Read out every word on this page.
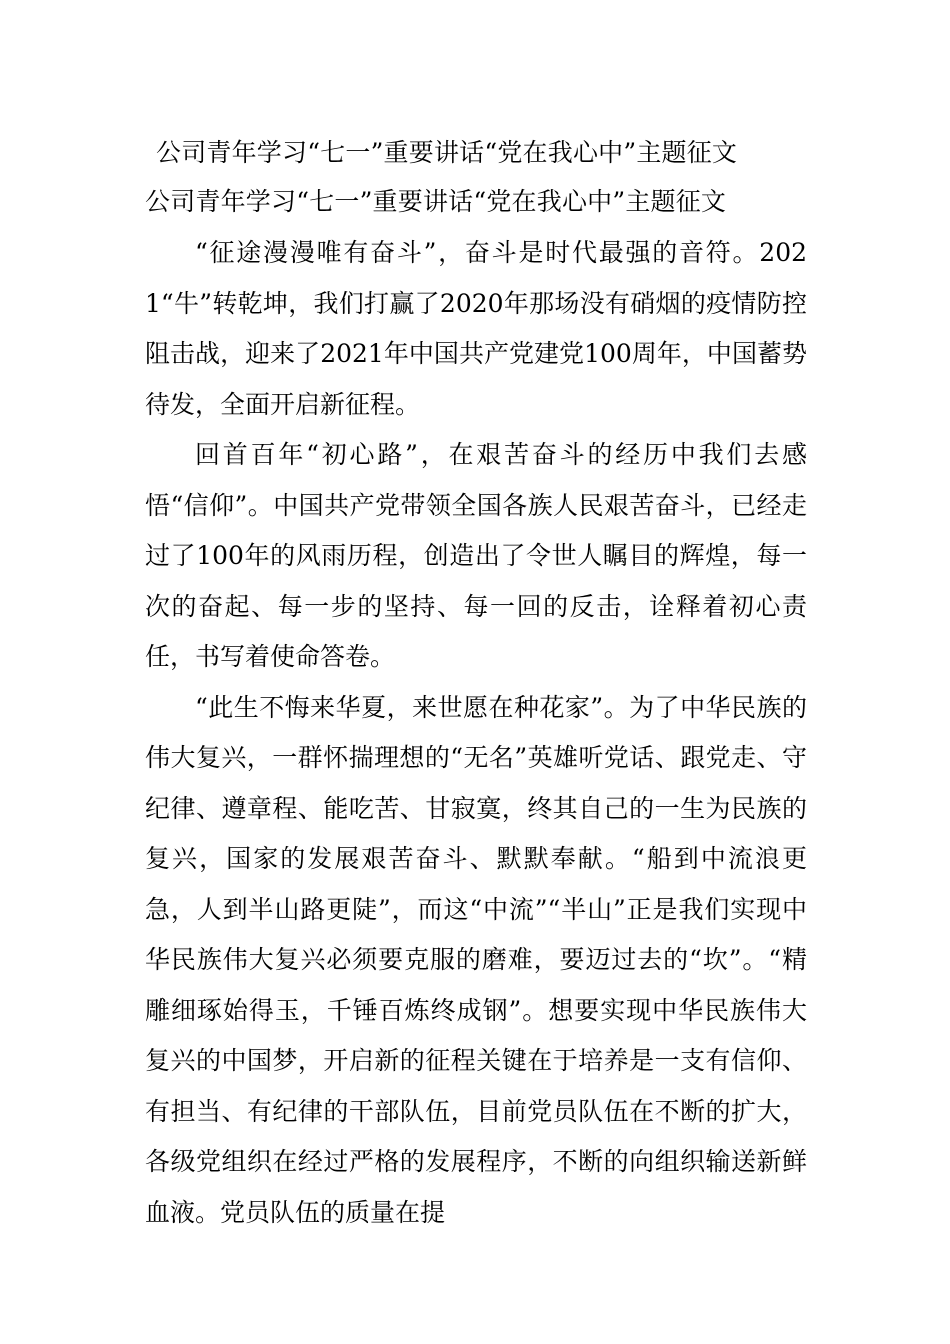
公司青年学习“七一”重要讲话“党在我心中”主题征文
公司青年学习“七一”重要讲话“党在我心中”主题征文

“征途漫漫唯有奋斗”，奋斗是时代最强的音符。2021“牛”转乾坤，我们打赢了2020年那场没有硝烟的疫情防控阻击战，迎来了2021年中国共产党建党100周年，中国蓄势待发，全面开启新征程。

回首百年“初心路”，在艰苦奋斗的经历中我们去感悟“信仰”。中国共产党带领全国各族人民艰苦奋斗，已经走过了100年的风雨历程，创造出了令世人瞩目的辉煌，每一次的奋起、每一步的坚持、每一回的反击，诠释着初心责任，书写着使命答卷。

“此生不悔来华夏，来世愿在种花家”。为了中华民族的伟大复兴，一群怀揣理想的“无名”英雄听党话、跟党走、守纪律、遵章程、能吃苦、甘寂寞，终其自己的一生为民族的复兴，国家的发展艰苦奋斗、默默奉献。“船到中流浪更急，人到半山路更陡”，而这“中流”“半山”正是我们实现中华民族伟大复兴必须要克服的磨难，要迈过去的“坎”。“精雕细琢始得玉，千锤百炼终成钢”。想要实现中华民族伟大复兴的中国梦，开启新的征程关键在于培养是一支有信仰、有担当、有纪律的干部队伍，目前党员队伍在不断的扩大，各级党组织在经过严格的发展程序，不断的向组织输送新鲜血液。党员队伍的质量在提
